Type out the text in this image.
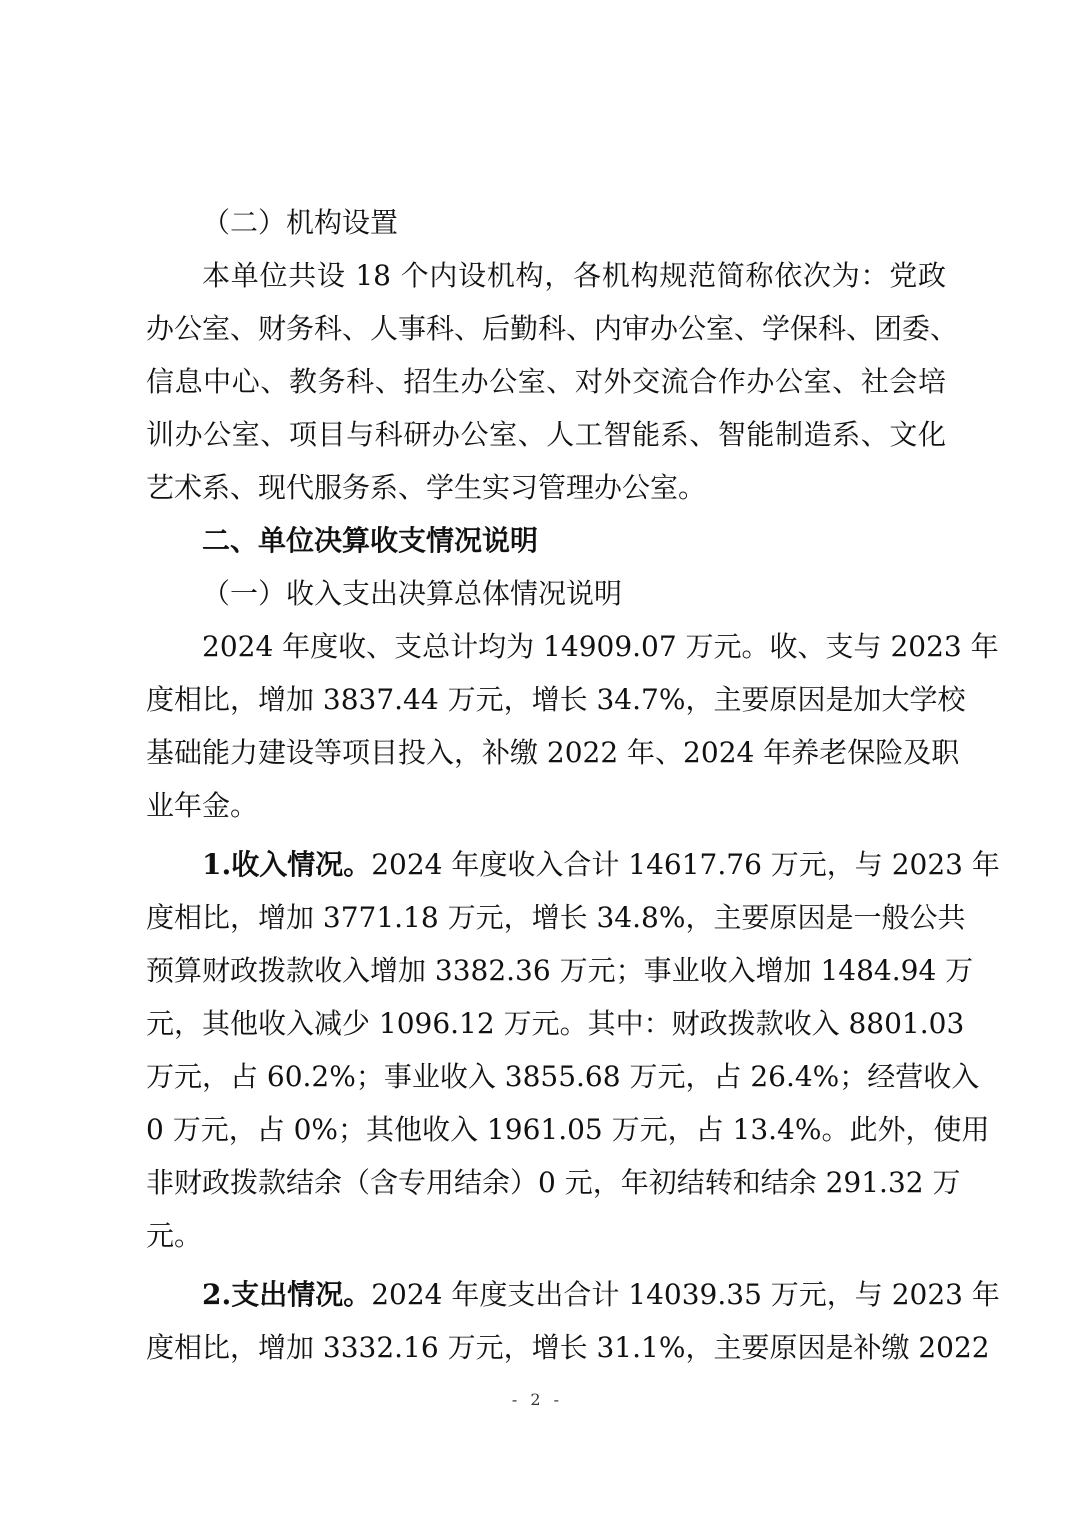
（二）机构设置
本单位共设 18 个内设机构，各机构规范简称依次为：党政
办公室、财务科、人事科、后勤科、内审办公室、学保科、团委、
信息中心、教务科、招生办公室、对外交流合作办公室、社会培
训办公室、项目与科研办公室、人工智能系、智能制造系、文化
艺术系、现代服务系、学生实习管理办公室。
二、单位决算收支情况说明
（一）收入支出决算总体情况说明
2024 年度收、支总计均为 14909.07 万元。收、支与 2023 年
度相比，增加 3837.44 万元，增长 34.7%，主要原因是加大学校
基础能力建设等项目投入，补缴 2022 年、2024 年养老保险及职
业年金。
1.收入情况。2024 年度收入合计 14617.76 万元，与 2023 年
度相比，增加 3771.18 万元，增长 34.8%，主要原因是一般公共
预算财政拨款收入增加 3382.36 万元；事业收入增加 1484.94 万
元，其他收入减少 1096.12 万元。其中：财政拨款收入 8801.03
万元，占 60.2%；事业收入 3855.68 万元，占 26.4%；经营收入
0 万元，占 0%；其他收入 1961.05 万元，占 13.4%。此外，使用
非财政拨款结余（含专用结余）0 元，年初结转和结余 291.32 万
元。
2.支出情况。2024 年度支出合计 14039.35 万元，与 2023 年
度相比，增加 3332.16 万元，增长 31.1%，主要原因是补缴 2022
- 2 -
